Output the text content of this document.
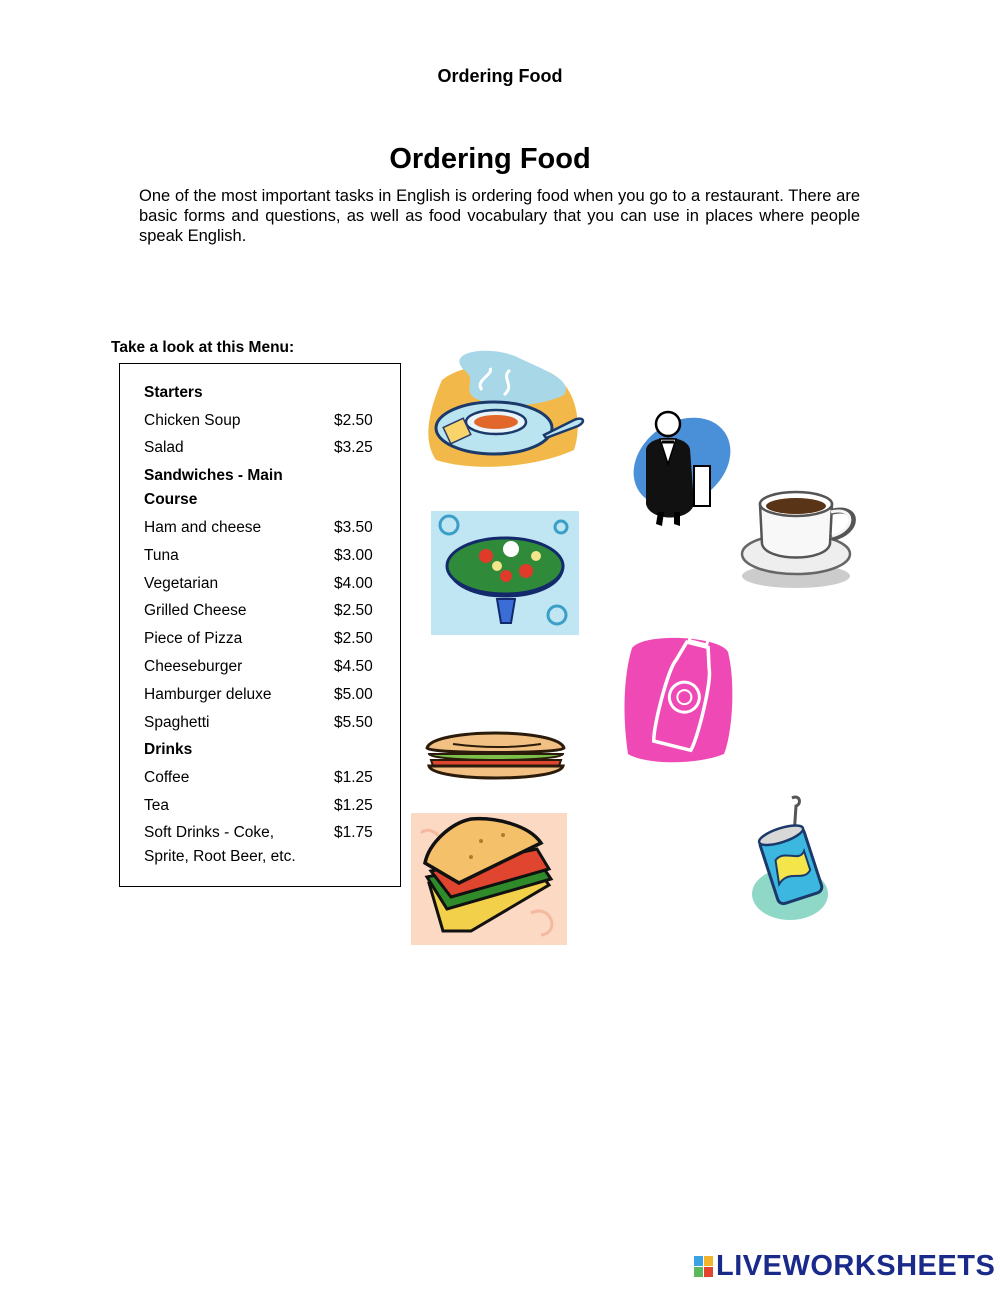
Ordering Food
Ordering Food
One of the most important tasks in English is ordering food when you go to a restaurant. There are basic forms and questions, as well as food vocabulary that you can use in places where people speak English.
Take a look at this Menu:
Starters
Chicken Soup	$2.50
Salad	$3.25
Sandwiches - Main Course
Ham and cheese	$3.50
Tuna	$3.00
Vegetarian	$4.00
Grilled Cheese	$2.50
Piece of Pizza	$2.50
Cheeseburger	$4.50
Hamburger deluxe	$5.00
Spaghetti	$5.50
Drinks
Coffee	$1.25
Tea	$1.25
Soft Drinks - Coke, Sprite, Root Beer, etc.
$1.75
LIVEWORKSHEETS
